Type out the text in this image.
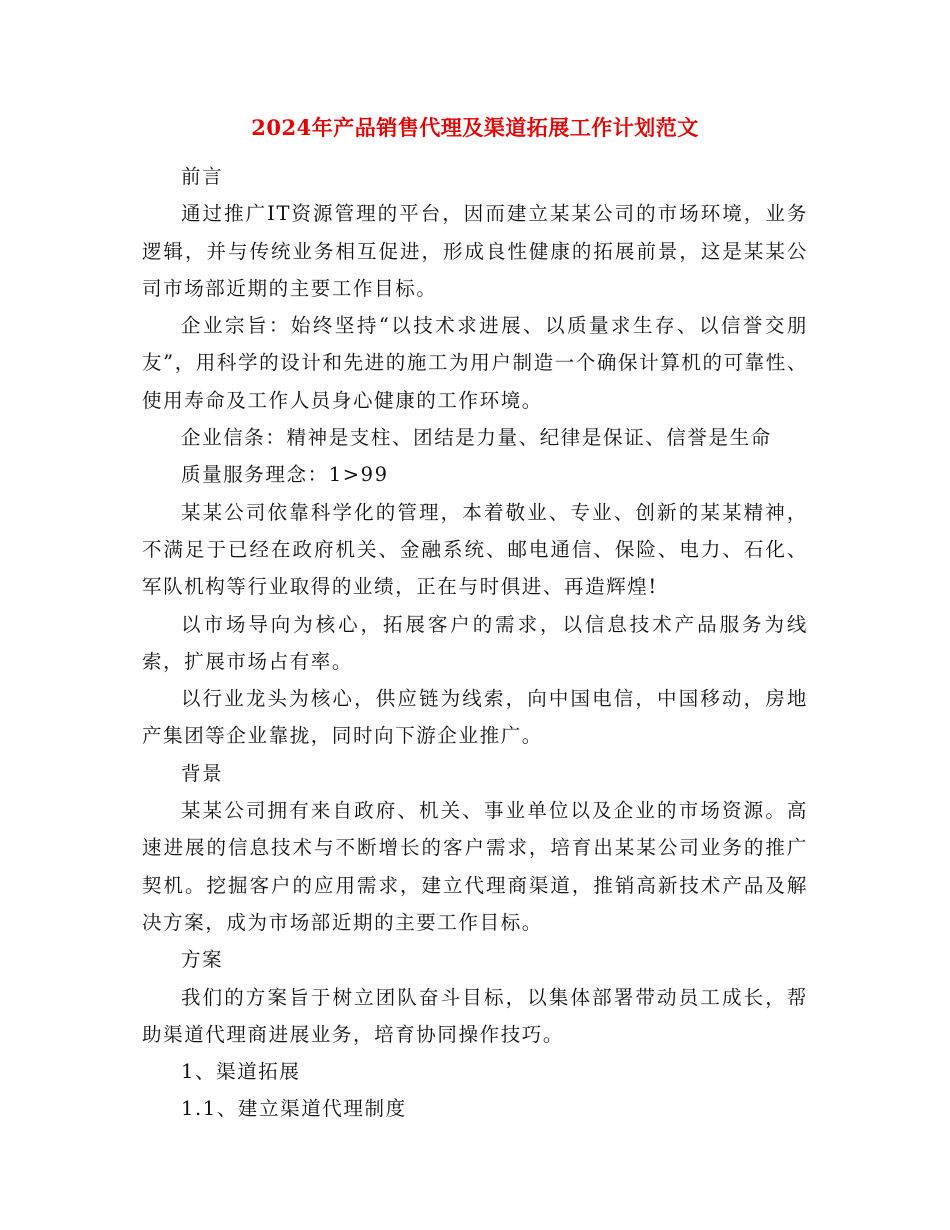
2024年产品销售代理及渠道拓展工作计划范文

前言

通过推广IT资源管理的平台，因而建立某某公司的市场环境，业务逻辑，并与传统业务相互促进，形成良性健康的拓展前景，这是某某公司市场部近期的主要工作目标。

企业宗旨：始终坚持“以技术求进展、以质量求生存、以信誉交朋友”，用科学的设计和先进的施工为用户制造一个确保计算机的可靠性、使用寿命及工作人员身心健康的工作环境。

企业信条：精神是支柱、团结是力量、纪律是保证、信誉是生命

质量服务理念：1>99

某某公司依靠科学化的管理，本着敬业、专业、创新的某某精神，不满足于已经在政府机关、金融系统、邮电通信、保险、电力、石化、军队机构等行业取得的业绩，正在与时俱进、再造辉煌!

以市场导向为核心，拓展客户的需求，以信息技术产品服务为线索，扩展市场占有率。

以行业龙头为核心，供应链为线索，向中国电信，中国移动，房地产集团等企业靠拢，同时向下游企业推广。

背景

某某公司拥有来自政府、机关、事业单位以及企业的市场资源。高速进展的信息技术与不断增长的客户需求，培育出某某公司业务的推广契机。挖掘客户的应用需求，建立代理商渠道，推销高新技术产品及解决方案，成为市场部近期的主要工作目标。

方案

我们的方案旨于树立团队奋斗目标，以集体部署带动员工成长，帮助渠道代理商进展业务，培育协同操作技巧。

1、渠道拓展

1.1、建立渠道代理制度
